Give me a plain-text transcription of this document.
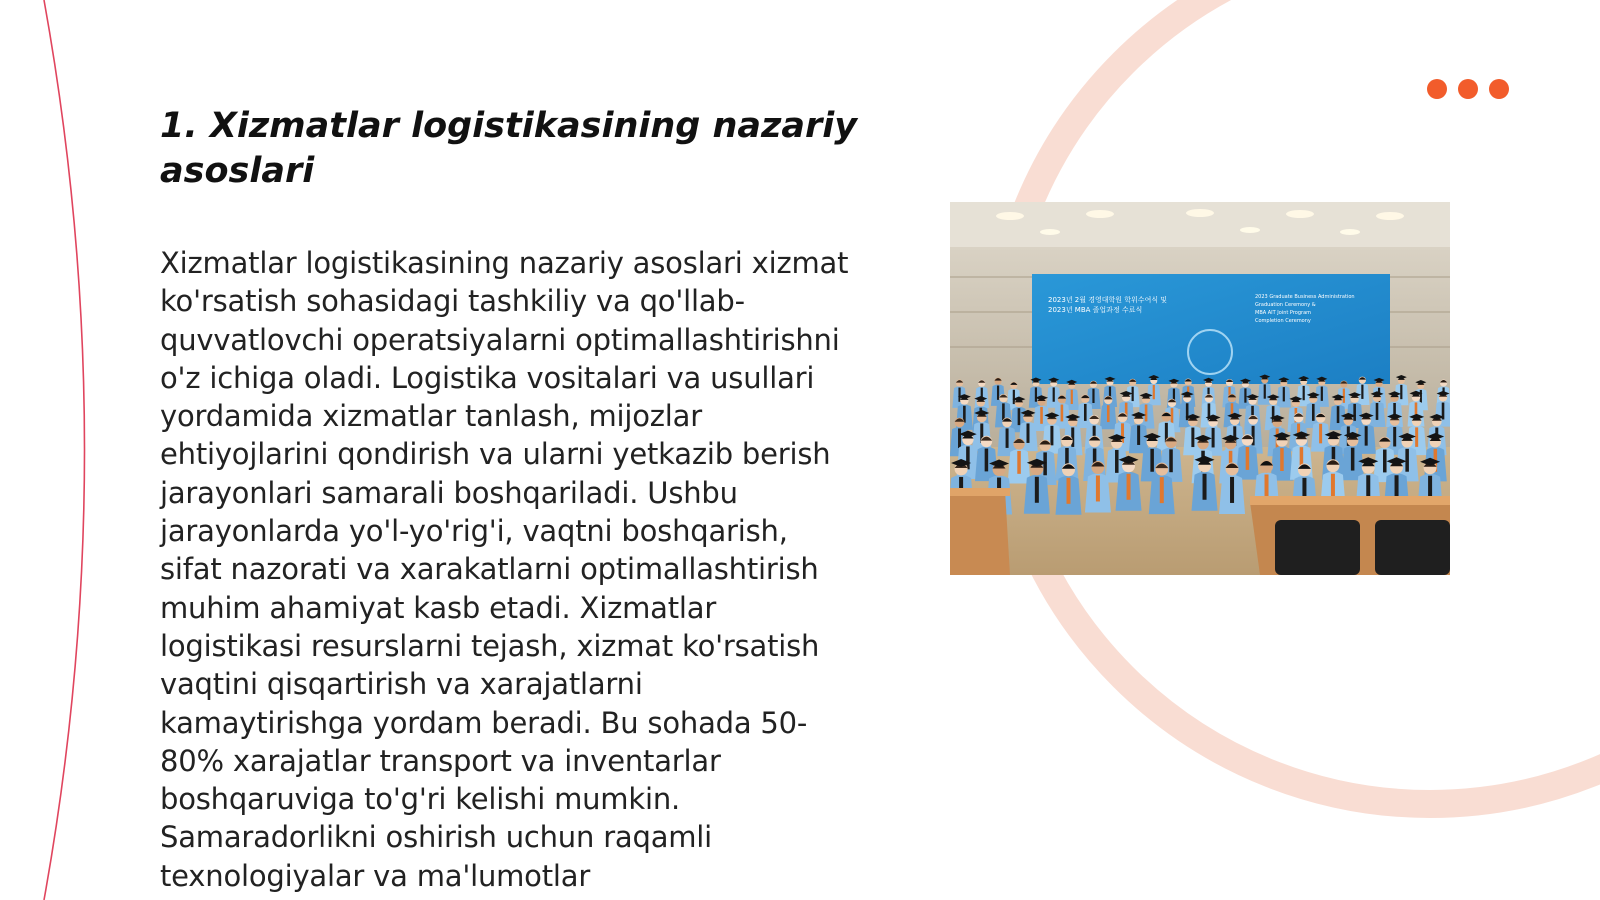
1. Xizmatlar logistikasining nazariy asoslari

Xizmatlar logistikasining nazariy asoslari xizmat ko'rsatish sohasidagi tashkiliy va qo'llab-quvvatlovchi operatsiyalarni optimallashtirishni o'z ichiga oladi. Logistika vositalari va usullari yordamida xizmatlar tanlash, mijozlar ehtiyojlarini qondirish va ularni yetkazib berish jarayonlari samarali boshqariladi. Ushbu jarayonlarda yo'l-yo'rig'i, vaqtni boshqarish, sifat nazorati va xarakatlarni optimallashtirish muhim ahamiyat kasb etadi. Xizmatlar logistikasi resurslarni tejash, xizmat ko'rsatish vaqtini qisqartirish va xarajatlarni kamaytirishga yordam beradi. Bu sohada 50-80% xarajatlar transport va inventarlar boshqaruviga to'g'ri kelishi mumkin. Samaradorlikni oshirish uchun raqamli texnologiyalar va ma'lumotlar

2023년 2월 경영대학원 학위수여식 및
2023년 MBA 졸업과정 수료식
2023 Graduate Business Administration
Graduation Ceremony &
MBA AIT Joint Program
Completion Ceremony
